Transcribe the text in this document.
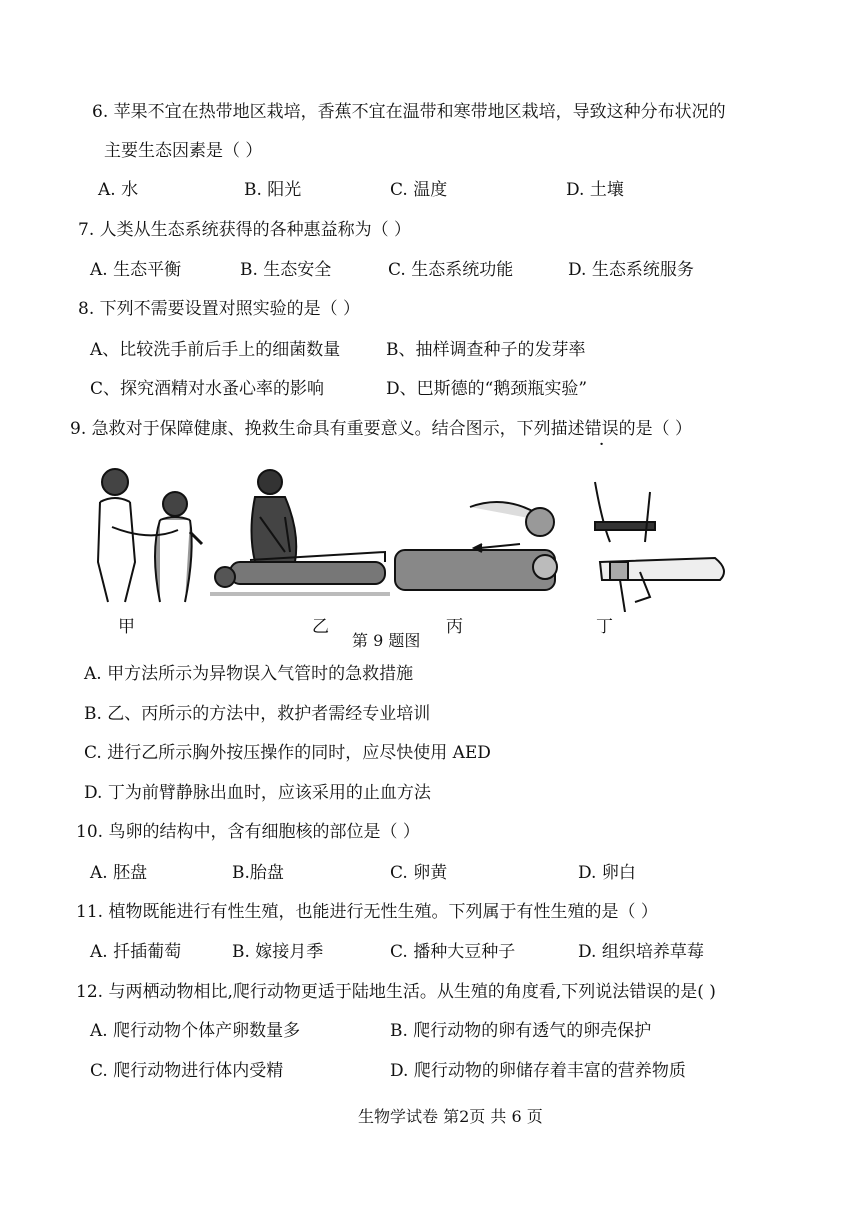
6. 苹果不宜在热带地区栽培，香蕉不宜在温带和寒带地区栽培，导致这种分布状况的
主要生态因素是（ ）
A. 水	B. 阳光	C. 温度	D. 土壤
7. 人类从生态系统获得的各种惠益称为（ ）
A. 生态平衡	B. 生态安全	C. 生态系统功能	D. 生态系统服务
8. 下列不需要设置对照实验的是（ ）
A、比较洗手前后手上的细菌数量	B、抽样调查种子的发芽率
C、探究酒精对水蚤心率的影响	D、巴斯德的“鹅颈瓶实验”
9. 急救对于保障健康、挽救生命具有重要意义。结合图示，下列描述错误的是（ ）
甲	乙	丙	丁
第 9 题图
A. 甲方法所示为异物误入气管时的急救措施
B. 乙、丙所示的方法中，救护者需经专业培训
C. 进行乙所示胸外按压操作的同时，应尽快使用 AED
D. 丁为前臂静脉出血时，应该采用的止血方法
10. 鸟卵的结构中，含有细胞核的部位是（ ）
A. 胚盘	B.胎盘	C. 卵黄	D. 卵白
11. 植物既能进行有性生殖，也能进行无性生殖。下列属于有性生殖的是（ ）
A. 扦插葡萄	B. 嫁接月季	C. 播种大豆种子	D. 组织培养草莓
12. 与两栖动物相比,爬行动物更适于陆地生活。从生殖的角度看,下列说法错误的是( )
A. 爬行动物个体产卵数量多	B. 爬行动物的卵有透气的卵壳保护
C. 爬行动物进行体内受精	D. 爬行动物的卵储存着丰富的营养物质
生物学试卷 第2页 共 6 页
